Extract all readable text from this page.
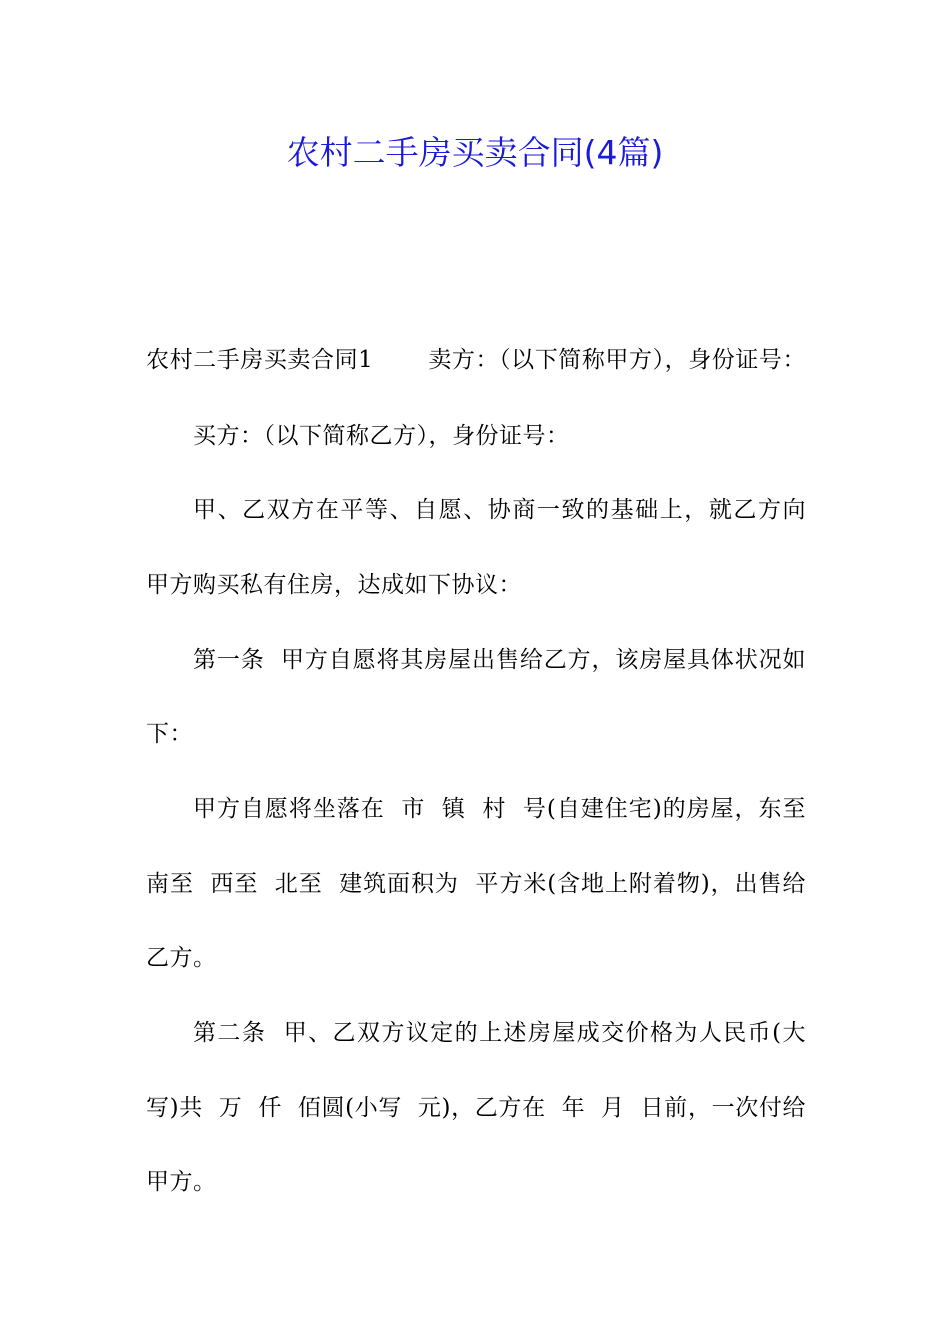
农村二手房买卖合同(4篇)
农村二手房买卖合同1　　 卖方：（以下简称甲方），身份证号：
买方：（以下简称乙方），身份证号：
甲、乙双方在平等、自愿、协商一致的基础上，就乙方向
甲方购买私有住房，达成如下协议：
第一条  甲方自愿将其房屋出售给乙方，该房屋具体状况如
下：
甲方自愿将坐落在  市  镇  村  号(自建住宅)的房屋，东至
南至  西至  北至  建筑面积为  平方米(含地上附着物)，出售给
乙方。
第二条  甲、乙双方议定的上述房屋成交价格为人民币(大
写)共  万  仟  佰圆(小写  元)，乙方在  年  月  日前，一次付给
甲方。
